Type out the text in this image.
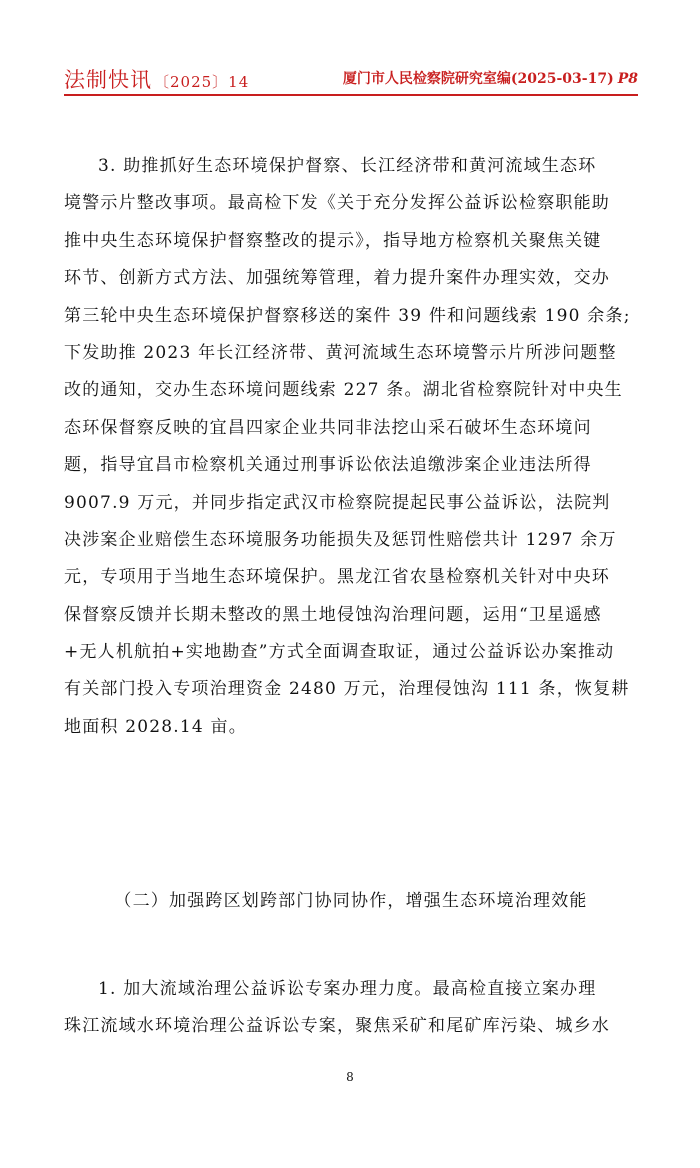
法制快讯 〔2025〕14	厦门市人民检察院研究室编(2025-03-17) P8
3. 助推抓好生态环境保护督察、长江经济带和黄河流域生态环
境警示片整改事项。最高检下发《关于充分发挥公益诉讼检察职能助
推中央生态环境保护督察整改的提示》，指导地方检察机关聚焦关键
环节、创新方式方法、加强统筹管理，着力提升案件办理实效，交办
第三轮中央生态环境保护督察移送的案件 39 件和问题线索 190 余条;
下发助推 2023 年长江经济带、黄河流域生态环境警示片所涉问题整
改的通知，交办生态环境问题线索 227 条。湖北省检察院针对中央生
态环保督察反映的宜昌四家企业共同非法挖山采石破坏生态环境问
题，指导宜昌市检察机关通过刑事诉讼依法追缴涉案企业违法所得
9007.9 万元，并同步指定武汉市检察院提起民事公益诉讼，法院判
决涉案企业赔偿生态环境服务功能损失及惩罚性赔偿共计 1297 余万
元，专项用于当地生态环境保护。黑龙江省农垦检察机关针对中央环
保督察反馈并长期未整改的黑土地侵蚀沟治理问题，运用“卫星遥感
+无人机航拍+实地勘查”方式全面调查取证，通过公益诉讼办案推动
有关部门投入专项治理资金 2480 万元，治理侵蚀沟 111 条，恢复耕
地面积 2028.14 亩。
（二）加强跨区划跨部门协同协作，增强生态环境治理效能
1. 加大流域治理公益诉讼专案办理力度。最高检直接立案办理
珠江流域水环境治理公益诉讼专案，聚焦采矿和尾矿库污染、城乡水
8
